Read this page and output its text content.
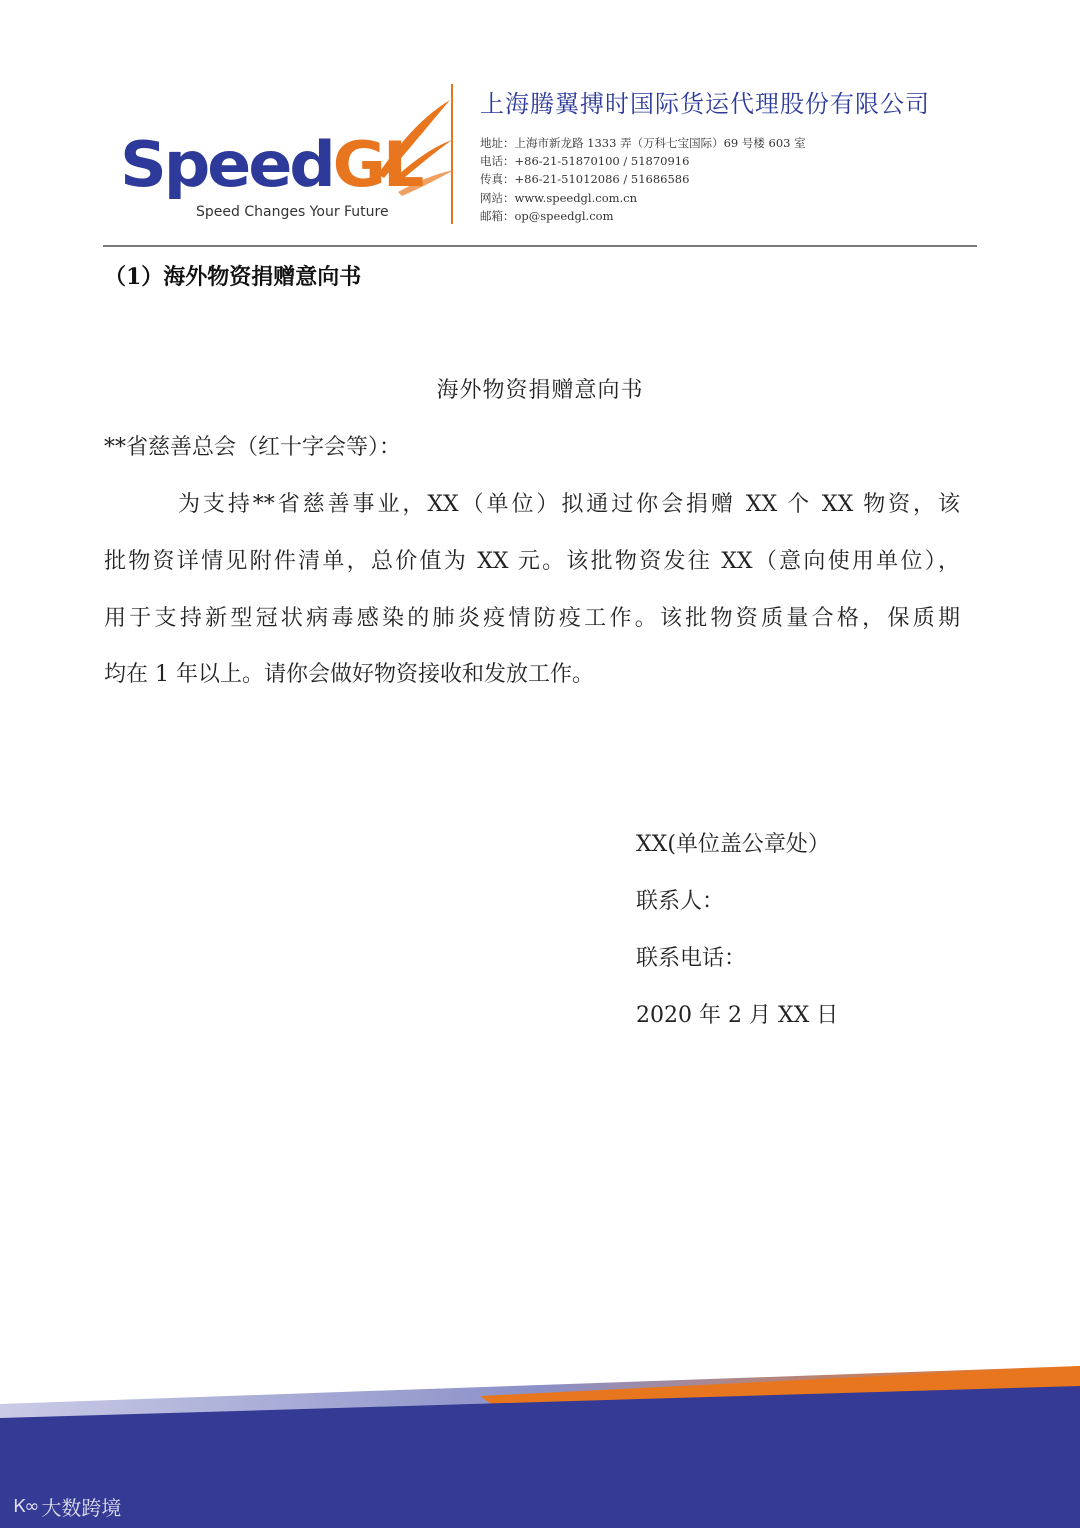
SpeedGL
Speed Changes Your Future
上海腾翼搏时国际货运代理股份有限公司
地址：上海市新龙路 1333 弄（万科七宝国际）69 号楼 603 室
电话：+86-21-51870100 / 51870916
传真：+86-21-51012086 / 51686586
网站：www.speedgl.com.cn
邮箱：op@speedgl.com
（1）海外物资捐赠意向书
海外物资捐赠意向书
**省慈善总会（红十字会等）：
为支持**省慈善事业，XX（单位）拟通过你会捐赠 XX 个 XX 物资，该
批物资详情见附件清单，总价值为 XX 元。该批物资发往 XX（意向使用单位），
用于支持新型冠状病毒感染的肺炎疫情防疫工作。该批物资质量合格，保质期
均在 1 年以上。请你会做好物资接收和发放工作。
XX(单位盖公章处）
联系人：
联系电话：
2020 年 2 月 XX 日
Ꮶ∞ 大数跨境
